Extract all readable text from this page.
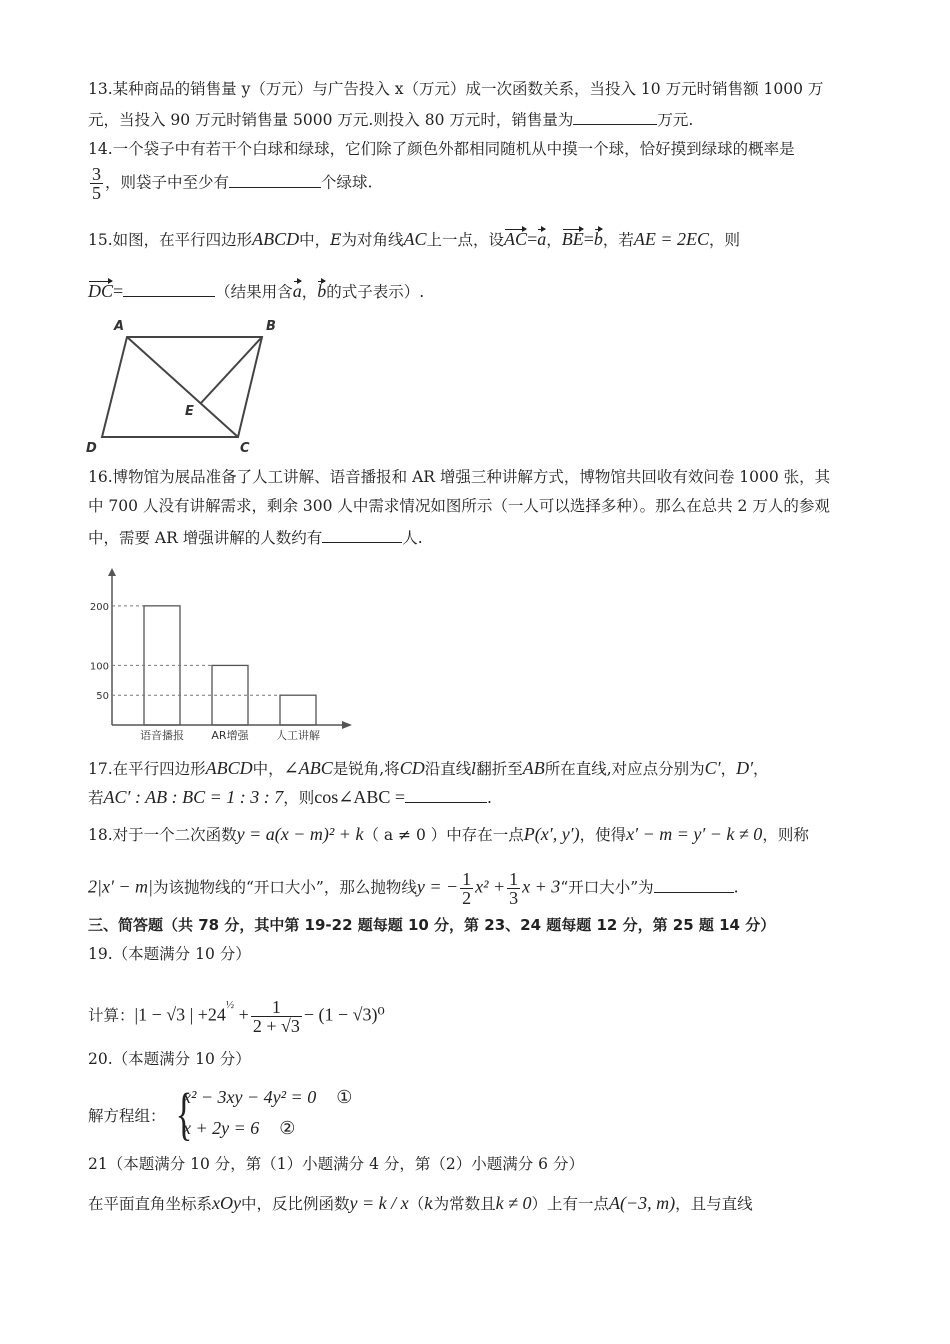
13.某种商品的销售量 y（万元）与广告投入 x（万元）成一次函数关系，当投入 10 万元时销售额 1000 万
元，当投入 90 万元时销售量 5000 万元.则投入 80 万元时，销售量为	万元.
14.一个袋子中有若干个白球和绿球，它们除了颜色外都相同随机从中摸一个球，恰好摸到绿球的概率是
$\frac{3}{5}$ ，则袋子中至少有	个绿球.
15.如图，在平行四边形ABCD中，E为对角线AC上一点，设AC=a，BE=b，若AE = 2EC，则
DC=	（结果用含a，b的式子表示）.
A	B
C
D
E
16.博物馆为展品准备了人工讲解、语音播报和 AR 增强三种讲解方式，博物馆共回收有效问卷 1000 张，其
中 700 人没有讲解需求，剩余 300 人中需求情况如图所示（一人可以选择多种）。那么在总共 2 万人的参观
中，需要 AR 增强讲解的人数约有	人.
语音播报
200
AR增强
100
人工讲解
50
17.在平行四边形ABCD中，∠ABC是锐角,将CD沿直线l翻折至AB所在直线,对应点分别为C′，D′，
若AC′ : AB : BC = 1 : 3 : 7，则cos∠ABC =	.
18.对于一个二次函数y = a(x − m)² + k（ a ≠ 0 ）中存在一点P(x′, y′)，使得x′ − m = y′ − k ≠ 0，则称
2|x′ − m|为该抛物线的“开口大小”，那么抛物线y = − $\frac{1}{2} x^2 + \frac{1}{3}$ x + 3“开口大小”为	.
三、简答题（共 78 分，其中第 19-22 题每题 10 分，第 23、24 题每题 12 分，第 25 题 14 分）
19.（本题满分 10 分）
计算：|1 − √3 | $+24^{\frac{1}{2}} + \frac{1}{2 + √3} - (1 - √3)^0$
20.（本题满分 10 分）
解方程组： {
x² − 3xy − 4y² = 0 ①
x + 2y = 6 ②
21（本题满分 10 分，第（1）小题满分 4 分，第（2）小题满分 6 分）
在平面直角坐标系xOy中，反比例函数y = k / x（k为常数且k ≠ 0）上有一点A(−3, m)，且与直线
